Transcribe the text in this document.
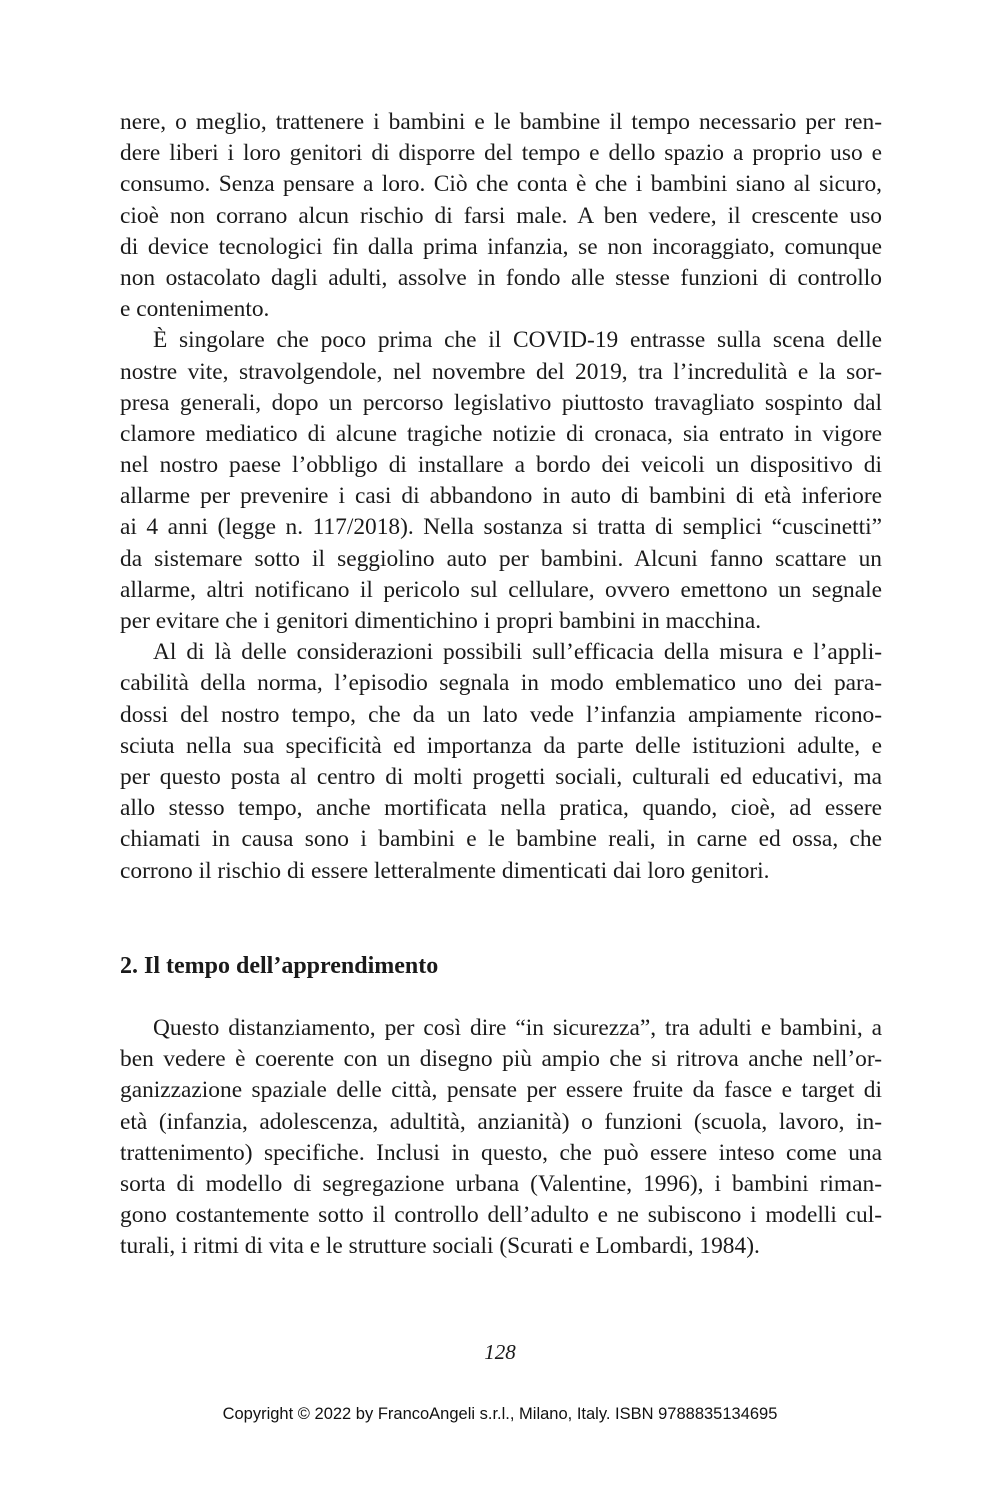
nere, o meglio, trattenere i bambini e le bambine il tempo necessario per ren-
dere liberi i loro genitori di disporre del tempo e dello spazio a proprio uso e
consumo. Senza pensare a loro. Ciò che conta è che i bambini siano al sicuro,
cioè non corrano alcun rischio di farsi male. A ben vedere, il crescente uso
di device tecnologici fin dalla prima infanzia, se non incoraggiato, comunque
non ostacolato dagli adulti, assolve in fondo alle stesse funzioni di controllo
e contenimento.
È singolare che poco prima che il COVID-19 entrasse sulla scena delle
nostre vite, stravolgendole, nel novembre del 2019, tra l’incredulità e la sor-
presa generali, dopo un percorso legislativo piuttosto travagliato sospinto dal
clamore mediatico di alcune tragiche notizie di cronaca, sia entrato in vigore
nel nostro paese l’obbligo di installare a bordo dei veicoli un dispositivo di
allarme per prevenire i casi di abbandono in auto di bambini di età inferiore
ai 4 anni (legge n. 117/2018). Nella sostanza si tratta di semplici “cuscinetti”
da sistemare sotto il seggiolino auto per bambini. Alcuni fanno scattare un
allarme, altri notificano il pericolo sul cellulare, ovvero emettono un segnale
per evitare che i genitori dimentichino i propri bambini in macchina.
Al di là delle considerazioni possibili sull’efficacia della misura e l’appli-
cabilità della norma, l’episodio segnala in modo emblematico uno dei para-
dossi del nostro tempo, che da un lato vede l’infanzia ampiamente ricono-
sciuta nella sua specificità ed importanza da parte delle istituzioni adulte, e
per questo posta al centro di molti progetti sociali, culturali ed educativi, ma
allo stesso tempo, anche mortificata nella pratica, quando, cioè, ad essere
chiamati in causa sono i bambini e le bambine reali, in carne ed ossa, che
corrono il rischio di essere letteralmente dimenticati dai loro genitori.
2. Il tempo dell’apprendimento
Questo distanziamento, per così dire “in sicurezza”, tra adulti e bambini, a
ben vedere è coerente con un disegno più ampio che si ritrova anche nell’or-
ganizzazione spaziale delle città, pensate per essere fruite da fasce e target di
età (infanzia, adolescenza, adultità, anzianità) o funzioni (scuola, lavoro, in-
trattenimento) specifiche. Inclusi in questo, che può essere inteso come una
sorta di modello di segregazione urbana (Valentine, 1996), i bambini riman-
gono costantemente sotto il controllo dell’adulto e ne subiscono i modelli cul-
turali, i ritmi di vita e le strutture sociali (Scurati e Lombardi, 1984).
128
Copyright © 2022 by FrancoAngeli s.r.l., Milano, Italy. ISBN 9788835134695
